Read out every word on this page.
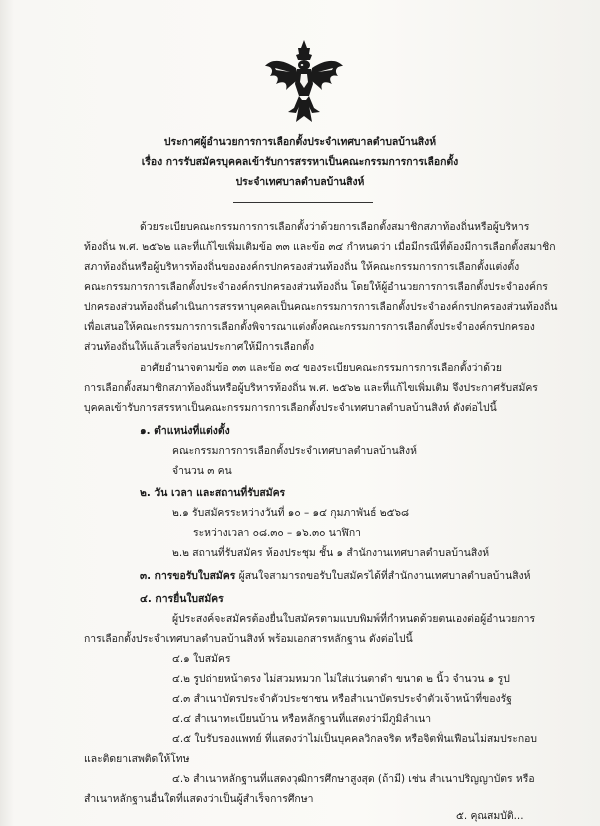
ประกาศผู้อำนวยการการเลือกตั้งประจำเทศบาลตำบลบ้านสิงห์
เรื่อง การรับสมัครบุคคลเข้ารับการสรรหาเป็นคณะกรรมการการเลือกตั้ง
ประจำเทศบาลตำบลบ้านสิงห์
ด้วยระเบียบคณะกรรมการการเลือกตั้งว่าด้วยการเลือกตั้งสมาชิกสภาท้องถิ่นหรือผู้บริหาร
ท้องถิ่น พ.ศ. ๒๕๖๒ และที่แก้ไขเพิ่มเติมข้อ ๓๓ และข้อ ๓๔ กำหนดว่า เมื่อมีกรณีที่ต้องมีการเลือกตั้งสมาชิก
สภาท้องถิ่นหรือผู้บริหารท้องถิ่นขององค์กรปกครองส่วนท้องถิ่น ให้คณะกรรมการการเลือกตั้งแต่งตั้ง
คณะกรรมการการเลือกตั้งประจำองค์กรปกครองส่วนท้องถิ่น โดยให้ผู้อำนวยการการเลือกตั้งประจำองค์กร
ปกครองส่วนท้องถิ่นดำเนินการสรรหาบุคคลเป็นคณะกรรมการการเลือกตั้งประจำองค์กรปกครองส่วนท้องถิ่น
เพื่อเสนอให้คณะกรรมการการเลือกตั้งพิจารณาแต่งตั้งคณะกรรมการการเลือกตั้งประจำองค์กรปกครอง
ส่วนท้องถิ่นให้แล้วเสร็จก่อนประกาศให้มีการเลือกตั้ง
อาศัยอำนาจตามข้อ ๓๓ และข้อ ๓๔ ของระเบียบคณะกรรมการการเลือกตั้งว่าด้วย
การเลือกตั้งสมาชิกสภาท้องถิ่นหรือผู้บริหารท้องถิ่น พ.ศ. ๒๕๖๒ และที่แก้ไขเพิ่มเติม จึงประกาศรับสมัคร
บุคคลเข้ารับการสรรหาเป็นคณะกรรมการการเลือกตั้งประจำเทศบาลตำบลบ้านสิงห์ ดังต่อไปนี้
๑. ตำแหน่งที่แต่งตั้ง
คณะกรรมการการเลือกตั้งประจำเทศบาลตำบลบ้านสิงห์
จำนวน ๓ คน
๒. วัน เวลา และสถานที่รับสมัคร
๒.๑ รับสมัครระหว่างวันที่ ๑๐ – ๑๔ กุมภาพันธ์ ๒๕๖๘
ระหว่างเวลา ๐๘.๓๐ – ๑๖.๓๐ นาฬิกา
๒.๒ สถานที่รับสมัคร ห้องประชุม ชั้น ๑ สำนักงานเทศบาลตำบลบ้านสิงห์
๓. การขอรับใบสมัคร ผู้สนใจสามารถขอรับใบสมัครได้ที่สำนักงานเทศบาลตำบลบ้านสิงห์
๔. การยื่นใบสมัคร
ผู้ประสงค์จะสมัครต้องยื่นใบสมัครตามแบบพิมพ์ที่กำหนดด้วยตนเองต่อผู้อำนวยการ
การเลือกตั้งประจำเทศบาลตำบลบ้านสิงห์ พร้อมเอกสารหลักฐาน ดังต่อไปนี้
๔.๑ ใบสมัคร
๔.๒ รูปถ่ายหน้าตรง ไม่สวมหมวก ไม่ใส่แว่นตาดำ ขนาด ๒ นิ้ว จำนวน ๑ รูป
๔.๓ สำเนาบัตรประจำตัวประชาชน หรือสำเนาบัตรประจำตัวเจ้าหน้าที่ของรัฐ
๔.๔ สำเนาทะเบียนบ้าน หรือหลักฐานที่แสดงว่ามีภูมิลำเนา
๔.๕ ใบรับรองแพทย์ ที่แสดงว่าไม่เป็นบุคคลวิกลจริต หรือจิตฟั่นเฟือนไม่สมประกอบ
และติดยาเสพติดให้โทษ
๔.๖ สำเนาหลักฐานที่แสดงวุฒิการศึกษาสูงสุด (ถ้ามี) เช่น สำเนาปริญญาบัตร หรือ
สำเนาหลักฐานอื่นใดที่แสดงว่าเป็นผู้สำเร็จการศึกษา
๕. คุณสมบัติ...
